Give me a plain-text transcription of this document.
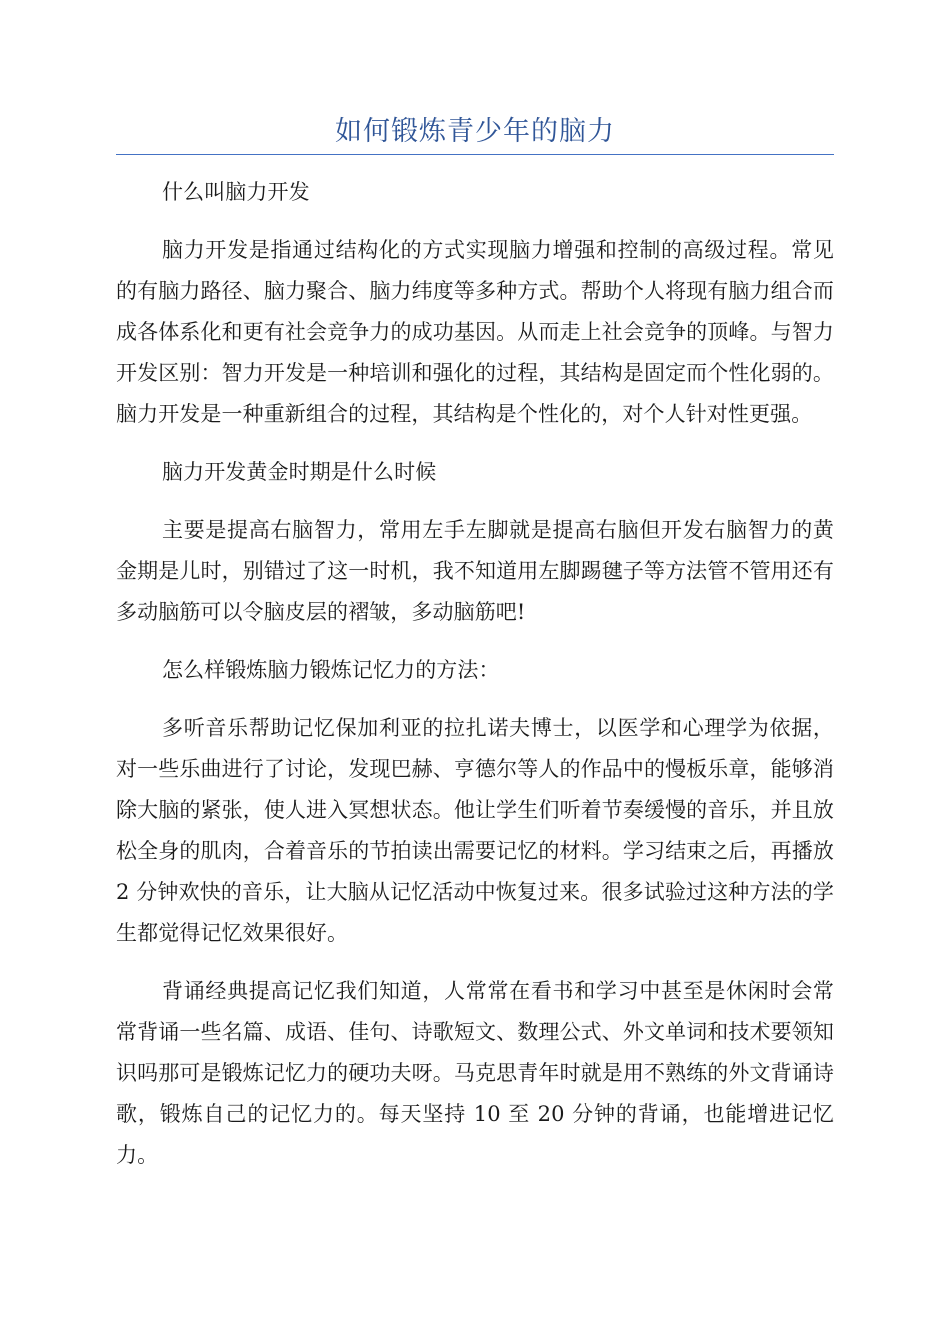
如何锻炼青少年的脑力

什么叫脑力开发

脑力开发是指通过结构化的方式实现脑力增强和控制的高级过程。常见的有脑力路径、脑力聚合、脑力纬度等多种方式。帮助个人将现有脑力组合而成各体系化和更有社会竞争力的成功基因。从而走上社会竞争的顶峰。与智力开发区别：智力开发是一种培训和强化的过程，其结构是固定而个性化弱的。脑力开发是一种重新组合的过程，其结构是个性化的，对个人针对性更强。

脑力开发黄金时期是什么时候

主要是提高右脑智力，常用左手左脚就是提高右脑但开发右脑智力的黄金期是儿时，别错过了这一时机，我不知道用左脚踢毽子等方法管不管用还有多动脑筋可以令脑皮层的褶皱，多动脑筋吧!

怎么样锻炼脑力锻炼记忆力的方法：

多听音乐帮助记忆保加利亚的拉扎诺夫博士，以医学和心理学为依据，对一些乐曲进行了讨论，发现巴赫、亨德尔等人的作品中的慢板乐章，能够消除大脑的紧张，使人进入冥想状态。他让学生们听着节奏缓慢的音乐，并且放松全身的肌肉，合着音乐的节拍读出需要记忆的材料。学习结束之后，再播放 2 分钟欢快的音乐，让大脑从记忆活动中恢复过来。很多试验过这种方法的学生都觉得记忆效果很好。

背诵经典提高记忆我们知道，人常常在看书和学习中甚至是休闲时会常常背诵一些名篇、成语、佳句、诗歌短文、数理公式、外文单词和技术要领知识吗那可是锻炼记忆力的硬功夫呀。马克思青年时就是用不熟练的外文背诵诗歌，锻炼自己的记忆力的。每天坚持 10 至 20 分钟的背诵，也能增进记忆力。
